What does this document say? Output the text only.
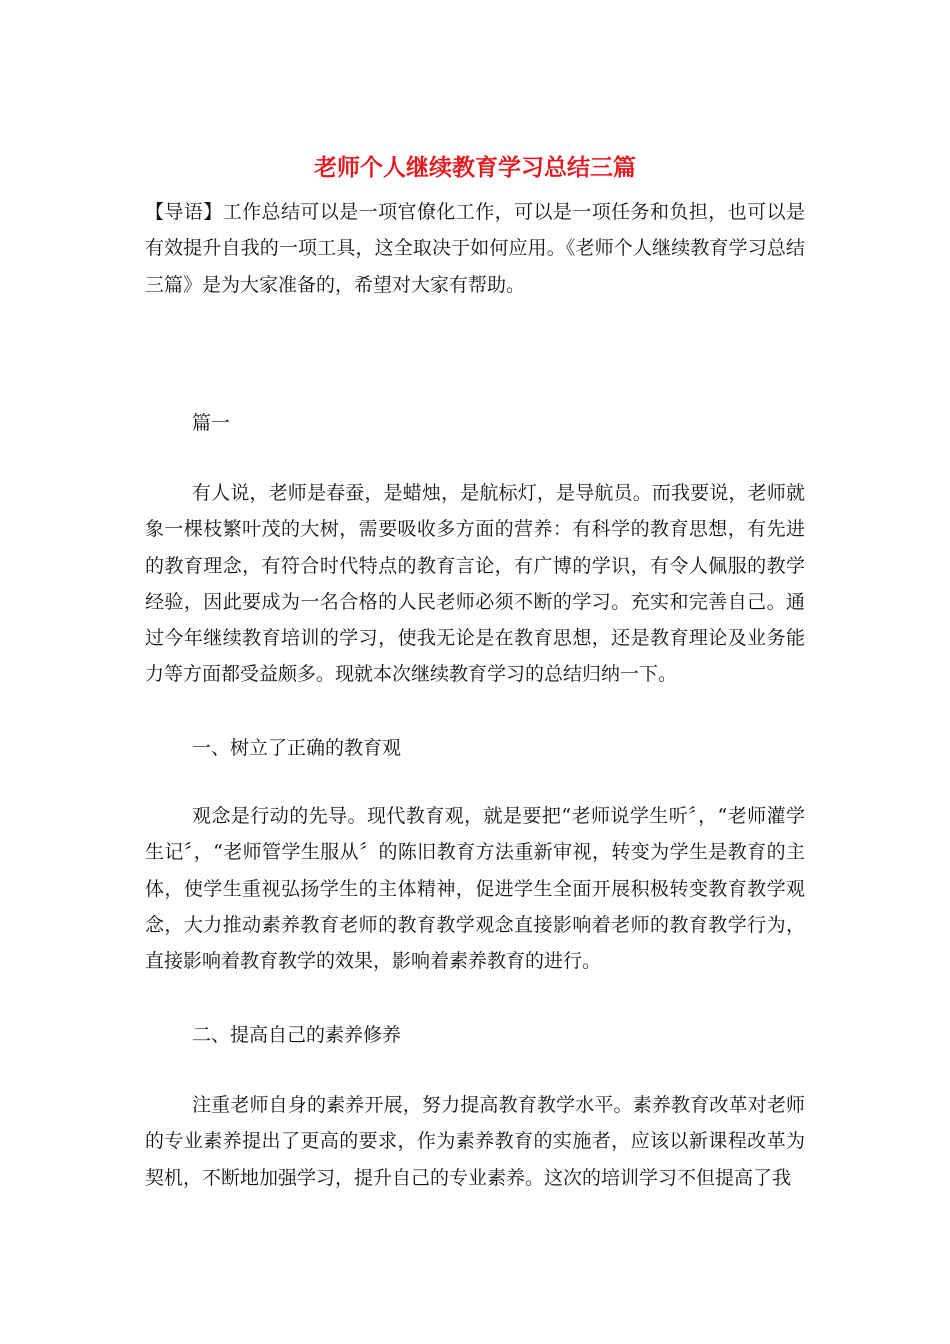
老师个人继续教育学习总结三篇

【导语】工作总结可以是一项官僚化工作，可以是一项任务和负担，也可以是有效提升自我的一项工具，这全取决于如何应用。《老师个人继续教育学习总结三篇》是为大家准备的，希望对大家有帮助。

篇一

有人说，老师是春蚕，是蜡烛，是航标灯，是导航员。而我要说，老师就象一棵枝繁叶茂的大树，需要吸收多方面的营养：有科学的教育思想，有先进的教育理念，有符合时代特点的教育言论，有广博的学识，有令人佩服的教学经验，因此要成为一名合格的人民老师必须不断的学习。充实和完善自己。通过今年继续教育培训的学习，使我无论是在教育思想，还是教育理论及业务能力等方面都受益颇多。现就本次继续教育学习的总结归纳一下。

一、树立了正确的教育观

观念是行动的先导。现代教育观，就是要把“老师说学生听〞，“老师灌学生记〞，“老师管学生服从〞的陈旧教育方法重新审视，转变为学生是教育的主体，使学生重视弘扬学生的主体精神，促进学生全面开展积极转变教育教学观念，大力推动素养教育老师的教育教学观念直接影响着老师的教育教学行为，直接影响着教育教学的效果，影响着素养教育的进行。

二、提高自己的素养修养

注重老师自身的素养开展，努力提高教育教学水平。素养教育改革对老师的专业素养提出了更高的要求，作为素养教育的实施者，应该以新课程改革为契机，不断地加强学习，提升自己的专业素养。这次的培训学习不但提高了我
